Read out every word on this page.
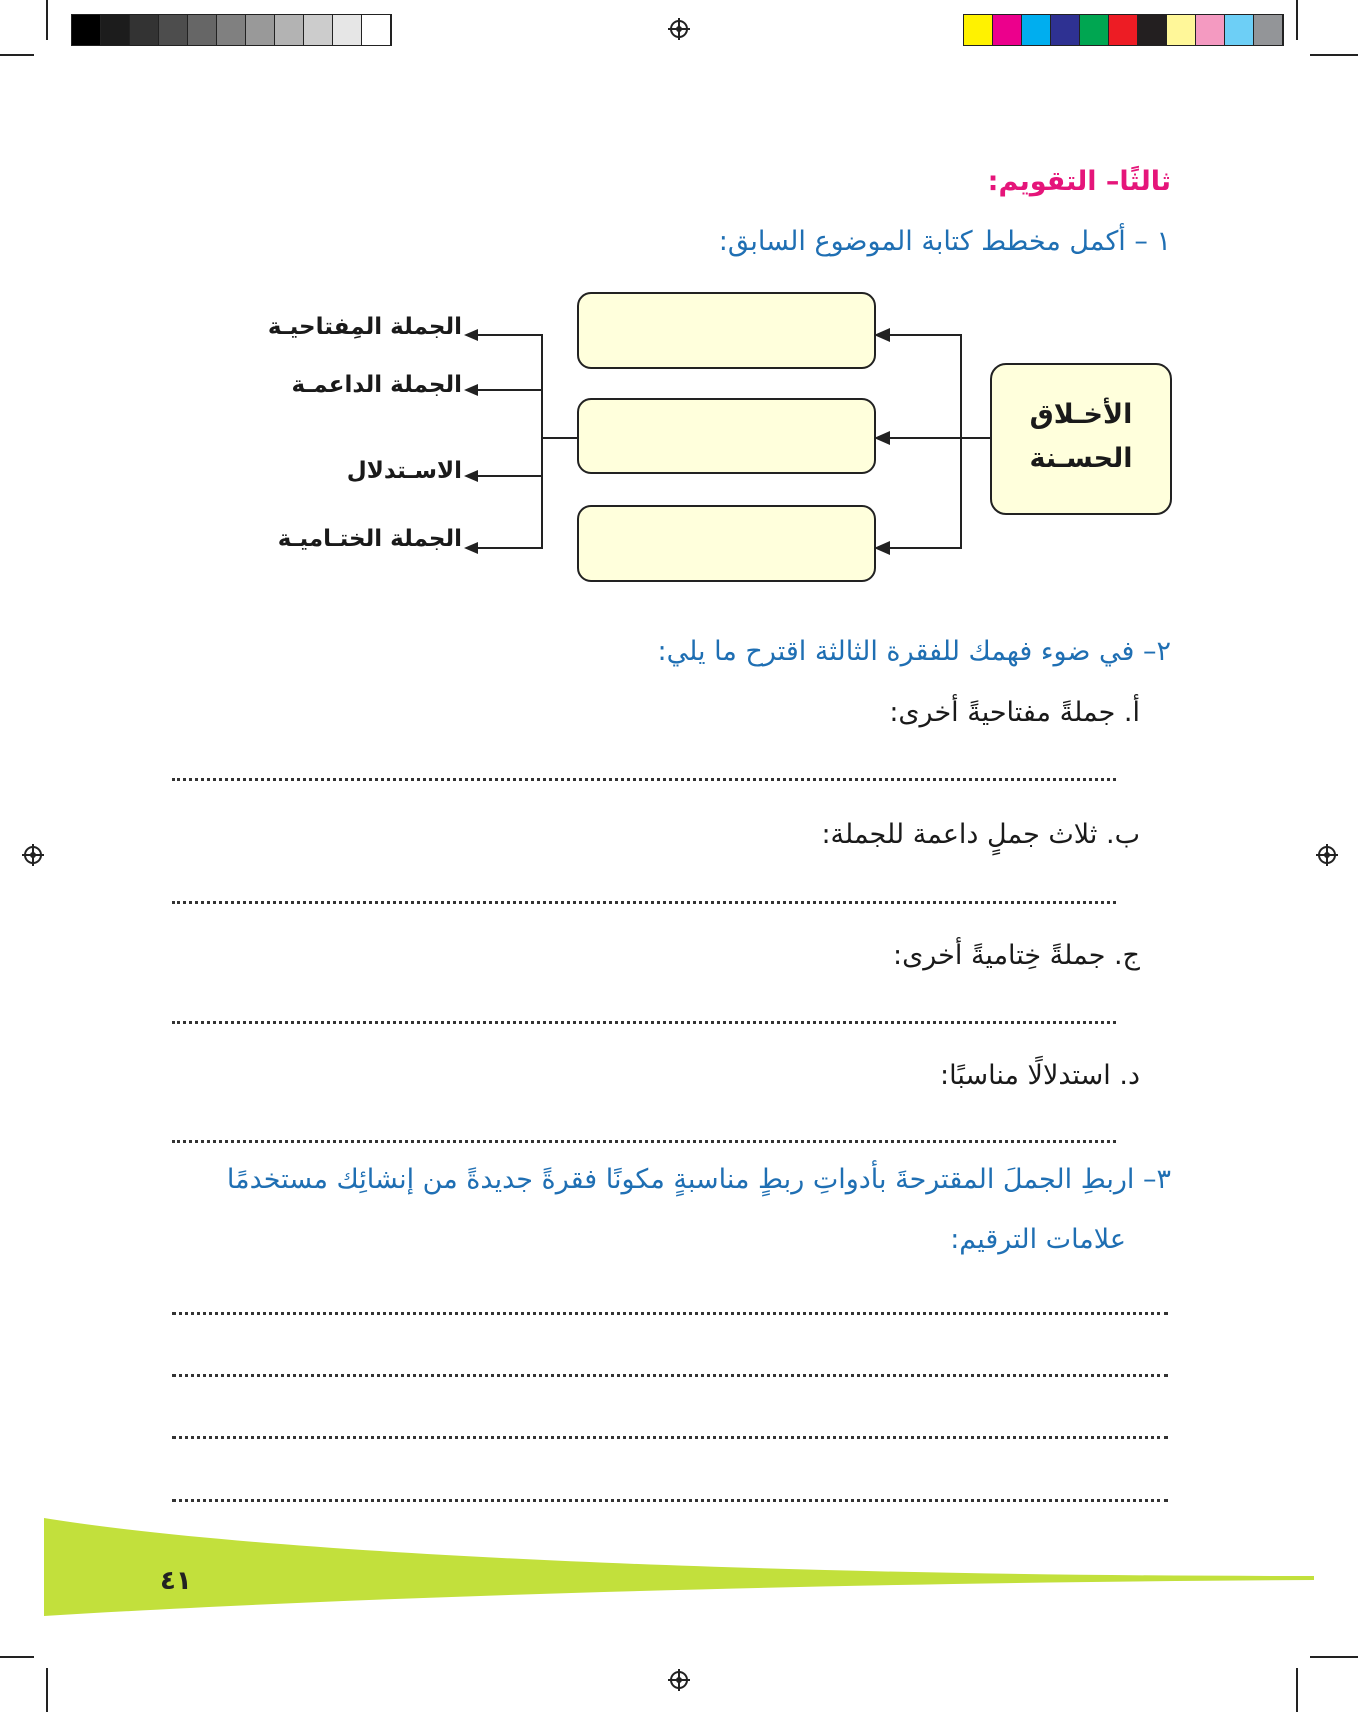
ثالثًا– التقويم:
١ – أكمل مخطط كتابة الموضوع السابق:
الأخـلاق
الحسـنة
الجملة المِفتاحيـة
الجملة الداعمـة
الاسـتدلال
الجملة الختـاميـة
٢– في ضوء فهمك للفقرة الثالثة اقترح ما يلي:
أ. جملةً مفتاحيةً أخرى:
ب. ثلاث جملٍ داعمة للجملة:
ج. جملةً خِتاميةً أخرى:
د. استدلالًا مناسبًا:
٣– اربطِ الجملَ المقترحةَ بأدواتِ ربطٍ مناسبةٍ مكونًا فقرةً جديدةً من إنشائِك مستخدمًا
علامات الترقيم:
٤١
